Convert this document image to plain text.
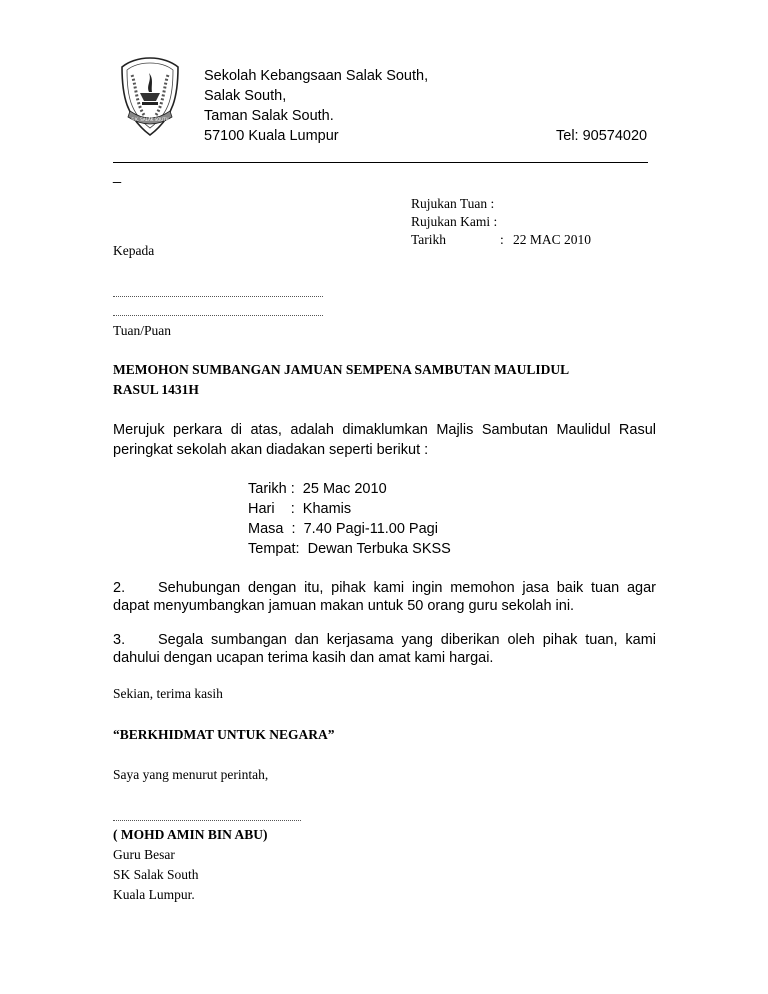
S.K. SALAK SOUTH
Sekolah Kebangsaan Salak South,
Salak South,
Taman Salak South.
57100 Kuala Lumpur	Tel: 90574020
_
Rujukan Tuan :
Rujukan Kami :
Tarikh	: 22 MAC 2010
Kepada
Tuan/Puan
MEMOHON SUMBANGAN JAMUAN SEMPENA SAMBUTAN MAULIDUL
RASUL 1431H
Merujuk perkara di atas, adalah dimaklumkan Majlis Sambutan Maulidul Rasul
peringkat sekolah akan diadakan seperti berikut :
Tarikh :  25 Mac 2010
Hari    :  Khamis
Masa  :  7.40 Pagi-11.00 Pagi
Tempat:  Dewan Terbuka SKSS
2. Sehubungan dengan itu, pihak kami ingin memohon jasa baik tuan agar
dapat menyumbangkan jamuan makan untuk 50 orang guru sekolah ini.
3. Segala sumbangan dan kerjasama yang diberikan oleh pihak tuan, kami
dahului dengan ucapan terima kasih dan amat kami hargai.
Sekian, terima kasih
“BERKHIDMAT UNTUK NEGARA”
Saya yang menurut perintah,
( MOHD AMIN BIN ABU)
Guru Besar
SK Salak South
Kuala Lumpur.
